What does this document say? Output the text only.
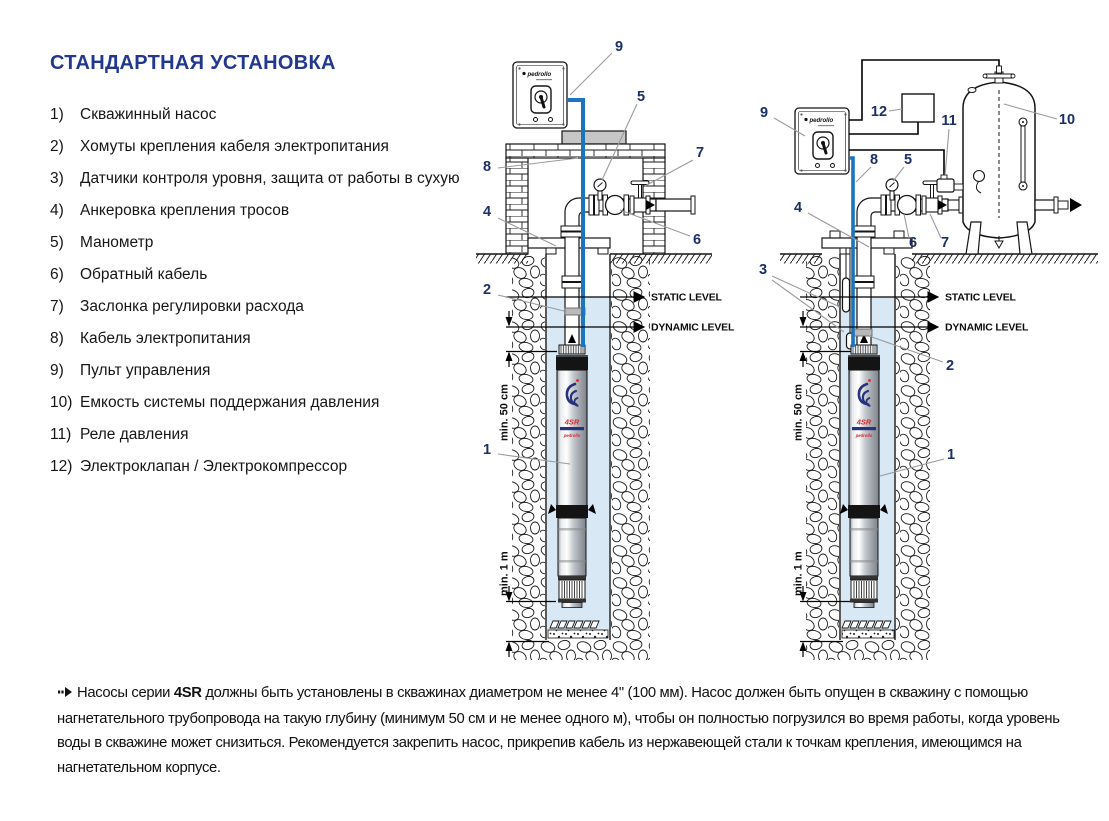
СТАНДАРТНАЯ УСТАНОВКА
1)	Скважинный насос
2)	Хомуты крепления кабеля электропитания
3)	Датчики контроля уровня, защита от работы в сухую
4)	Анкеровка крепления тросов
5)	Манометр
6)	Обратный кабель
7)	Заслонка регулировки расхода
8)	Кабель электропитания
9)	Пульт управления
10) Емкость системы поддержания давления
11) Реле давления
12) Электроклапан / Электрокомпрессор
4SR
pedrollo
pedrollo
STATIC LEVEL
DYNAMIC LEVEL
min. 50 cm
min. 1 m
9
5
7
8
4
6
2
1
STATIC LEVEL
DYNAMIC LEVEL
min. 50 cm
min. 1 m
9	12
11	10
8 5
4
6 7
3
2
1

Насосы серии 4SR должны быть установлены в скважинах диаметром не менее 4" (100 мм). Насос должен быть опущен в скважину с помощью нагнетательного трубопровода на такую глубину (минимум 50 см и не менее одного м), чтобы он полностью погрузился во время работы, когда уровень воды в скважине может снизиться. Рекомендуется закрепить насос, прикрепив кабель из нержавеющей стали к точкам крепления, имеющимся на нагнетательном корпусе.
